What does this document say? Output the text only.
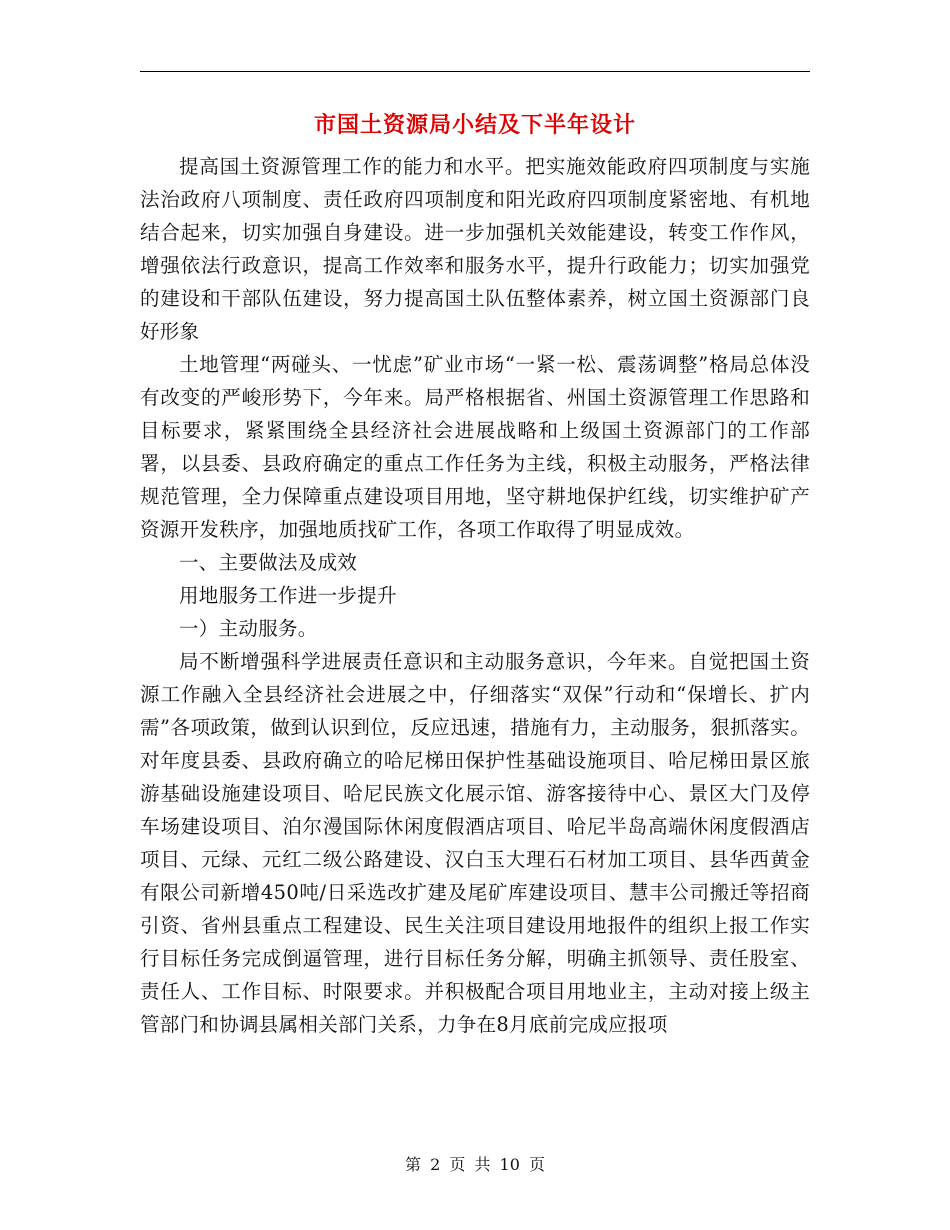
市国土资源局小结及下半年设计

提高国土资源管理工作的能力和水平。把实施效能政府四项制度与实施法治政府八项制度、责任政府四项制度和阳光政府四项制度紧密地、有机地结合起来，切实加强自身建设。进一步加强机关效能建设，转变工作作风，增强依法行政意识，提高工作效率和服务水平，提升行政能力；切实加强党的建设和干部队伍建设，努力提高国土队伍整体素养，树立国土资源部门良好形象

土地管理“两碰头、一忧虑”矿业市场“一紧一松、震荡调整”格局总体没有改变的严峻形势下，今年来。局严格根据省、州国土资源管理工作思路和目标要求，紧紧围绕全县经济社会进展战略和上级国土资源部门的工作部署，以县委、县政府确定的重点工作任务为主线，积极主动服务，严格法律规范管理，全力保障重点建设项目用地，坚守耕地保护红线，切实维护矿产资源开发秩序，加强地质找矿工作，各项工作取得了明显成效。

一、主要做法及成效

用地服务工作进一步提升

一）主动服务。

局不断增强科学进展责任意识和主动服务意识，今年来。自觉把国土资源工作融入全县经济社会进展之中，仔细落实“双保”行动和“保增长、扩内需”各项政策，做到认识到位，反应迅速，措施有力，主动服务，狠抓落实。对年度县委、县政府确立的哈尼梯田保护性基础设施项目、哈尼梯田景区旅游基础设施建设项目、哈尼民族文化展示馆、游客接待中心、景区大门及停车场建设项目、泊尔漫国际休闲度假酒店项目、哈尼半岛高端休闲度假酒店项目、元绿、元红二级公路建设、汉白玉大理石石材加工项目、县华西黄金有限公司新增450吨/日采选改扩建及尾矿库建设项目、慧丰公司搬迁等招商引资、省州县重点工程建设、民生关注项目建设用地报件的组织上报工作实行目标任务完成倒逼管理，进行目标任务分解，明确主抓领导、责任股室、责任人、工作目标、时限要求。并积极配合项目用地业主，主动对接上级主管部门和协调县属相关部门关系，力争在8月底前完成应报项

第 2 页 共 10 页
